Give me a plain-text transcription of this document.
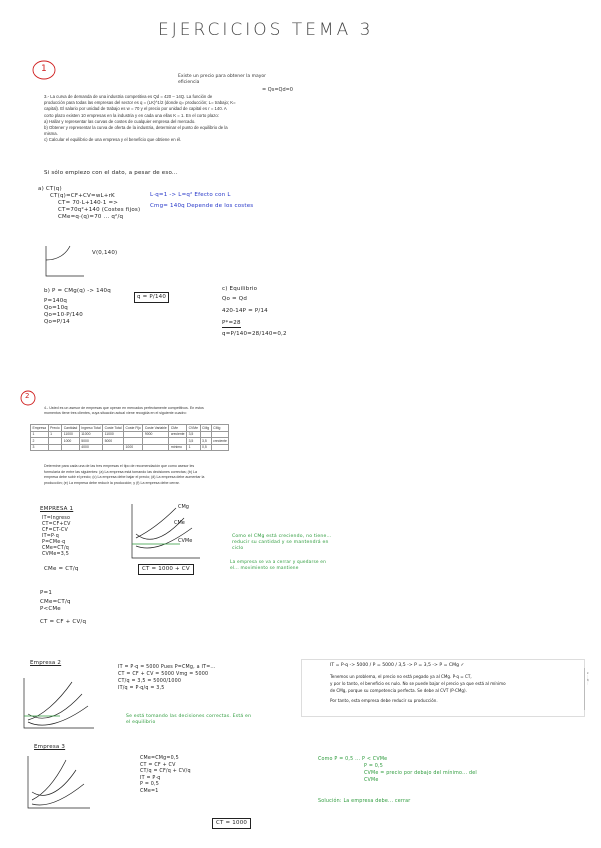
EJERCICIOS TEMA 3
1
Existe un precio para obtener la mayor eficiencia
= Qs=Qd=0
3.- La curva de demanda de una industria competitiva es Qd = 420 – 14Q. La función de
producción para todas las empresas del sector es q = (LK)^1/2 (donde q= producción; L= trabajo; K=
capital). El salario por unidad de trabajo es w = 70 y el precio por unidad de capital es r = 140. A
corto plazo existen 10 empresas en la industria y en cada una ellas K = 1. En el corto plazo:
a) Hallar y representar las curvas de costes de cualquier empresa del mercado.
b) Obtener y representar la curva de oferta de la industria, determinar el punto de equilibrio de la
misma.
c) Calcular el equilibrio de una empresa y el beneficio que obtiene en él.
Si sólo empiezo con el dato, a pesar de eso...
a) CT(q)
CT(q)=CF+CV=wL+rK
CT= 70·L+140·1 =>
CT=70q²+140 (Costes fijos)
CMe=q·(q)=70 ... q²/q
L·q=1 -> L=q² Efecto con L
Cmg= 140q Depende de los costes
V(0,140)
b) P = CMg(q) -> 140q
P=140q
Qo=10q
Qo=10·P/140
Qo=P/14
q = P/140
c) Equilibrio
Qo = Qd
420-14P = P/14
P*=28
q=P/140=28/140=0,2
2
4.- Usted es un asesor de empresas que operan en mercados perfectamente competitivos. En estos
momentos tiene tres clientes, cuya situación actual viene recogida en el siguiente cuadro:
Empresa	Precio	Cantidad	Ingreso Total	Coste Total	Coste Fijo	Coste Variable	CMe	CVMe	CMg	CMg
1	1	11000	11000	11000		9000	creciente	3,5		
2		1000	5000	5000				3,5	3,5	creciente
3			4000		1000		mínimo	1	0,5	
Determine para cada una de las tres empresas el tipo de recomendación que como asesor les
formularía de entre las siguientes: (a) La empresa está tomando las decisiones correctas; (b) La
empresa debe subir el precio; (c) La empresa debe bajar el precio; (d) La empresa debe aumentar la
producción; (e) La empresa debe reducir la producción; y (f) La empresa debe cerrar.
EMPRESA 1
IT=Ingreso
CT=CF+CV
CF=CT-CV
IT=P·q
P=CMe·q
CMe=CT/q
CVMe=3,5
CMg
CMe
CVMe
Como el CMg está creciendo, no tiene... reducir su cantidad y se mantendrá en ciclo
La empresa se va a cerrar y quedarse en el... movimiento se mantiene
CMe = CT/q	CT = 1000 + CV
P=1
CMe=CT/q
P<CMe
CT = CF + CV/q
Empresa 2
IT = P·q = 5000 Pues P=CMg, a IT=...
CT = CF + CV = 5000 Vmg = 5000
CT/q = 3,5 = 5000/1000
IT/q = P·q/q = 3,5
Se está tomando las decisiones correctas. Está en el equilibrio
Empresa 3
CMe=CMg=0,5
CT = CF + CV
CT/q = CF/q + CV/q
IT = P·q
P = 0,5
CMe=1
CT = 1000
IT = P·q -> 5000 / P = 5000 / 3,5 -> P = 3,5 -> P = CMg ✓
Tenemos un problema, el precio no está pegado ya al CMg. P·q = CT,
y por lo tanto, el beneficio es nulo. No se puede bajar el precio ya que está al mínimo
de CMg, porque su competencia perfecta. Se debe al CVT (P·CMg).
Por tanto, esta empresa debe reducir su producción.
a ... el ...
Como P = 0,5 ... P < CVMe
P = 0,5
CVMe = precio por debajo del mínimo... del CVMe
Solución: La empresa debe... cerrar
